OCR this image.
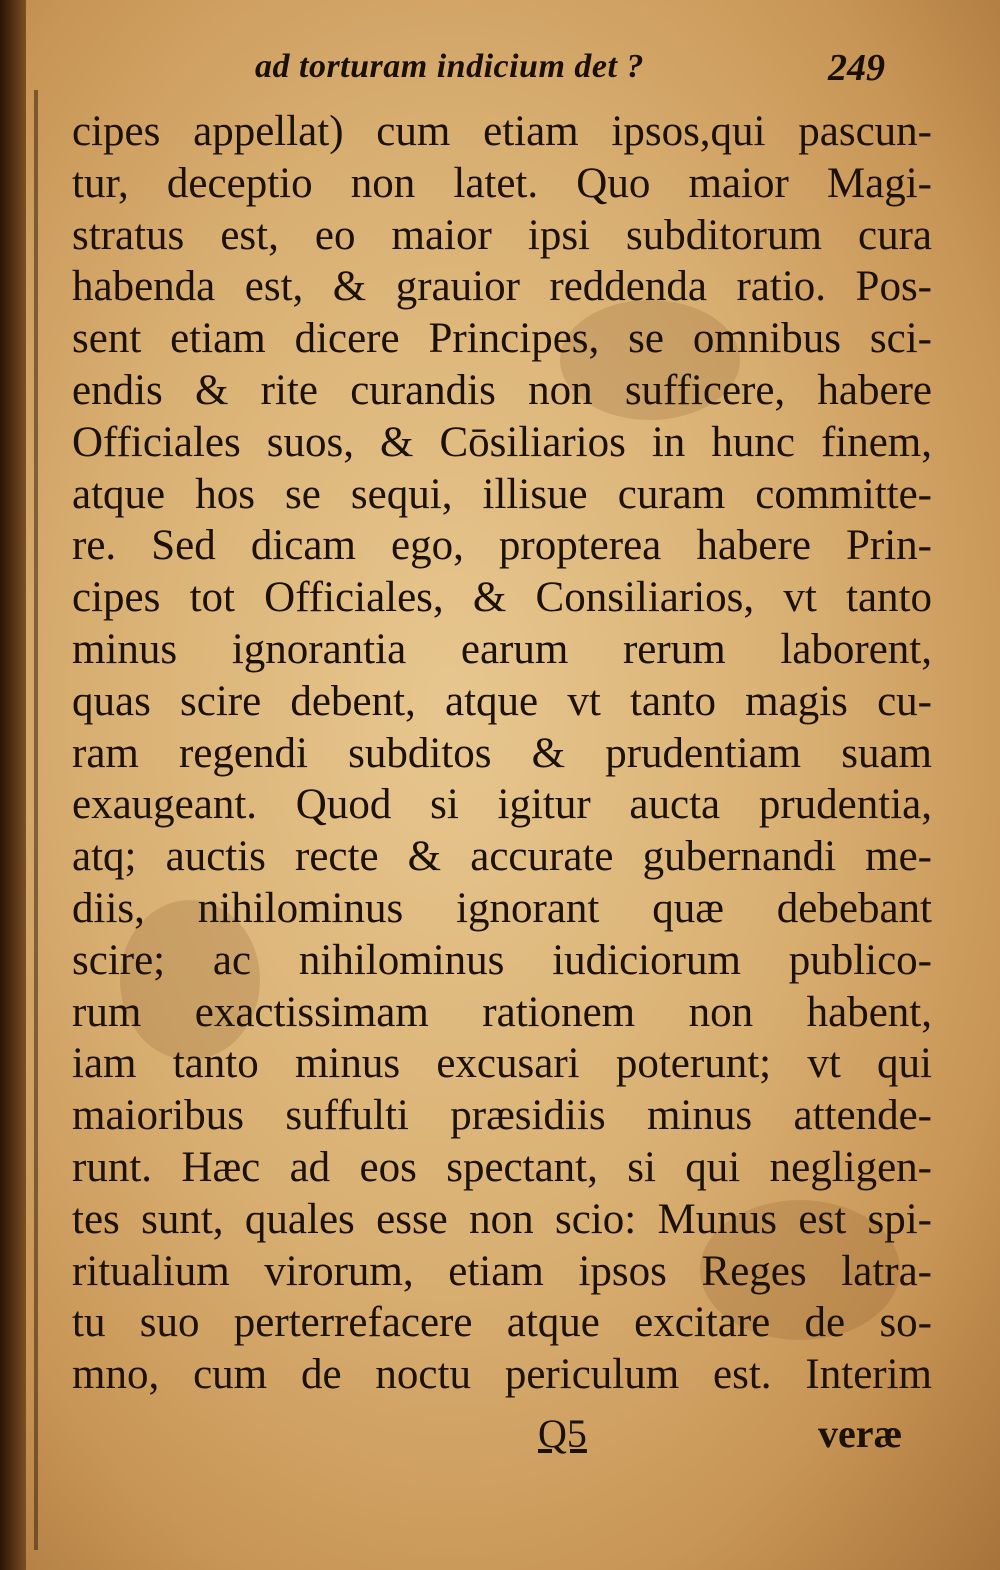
ad torturam indicium det ?	249
cipes appellat) cum etiam ipsos,qui pascun-
tur, deceptio non latet. Quo maior Magi-
stratus est, eo maior ipsi subditorum cura
habenda est, & grauior reddenda ratio. Pos-
sent etiam dicere Principes, se omnibus sci-
endis & rite curandis non sufficere, habere
Officiales suos, & Cōsiliarios in hunc finem,
atque hos se sequi, illisue curam committe-
re. Sed dicam ego, propterea habere Prin-
cipes tot Officiales, & Consiliarios, vt tanto
minus ignorantia earum rerum laborent,
quas scire debent, atque vt tanto magis cu-
ram regendi subditos & prudentiam suam
exaugeant. Quod si igitur aucta prudentia,
atq; auctis recte & accurate gubernandi me-
diis, nihilominus ignorant quæ debebant
scire; ac nihilominus iudiciorum publico-
rum exactissimam rationem non habent,
iam tanto minus excusari poterunt; vt qui
maioribus suffulti præsidiis minus attende-
runt. Hæc ad eos spectant, si qui negligen-
tes sunt, quales esse non scio: Munus est spi-
ritualium virorum, etiam ipsos Reges latra-
tu suo perterrefacere atque excitare de so-
mno, cum de noctu periculum est. Interim
Q5	veræ
